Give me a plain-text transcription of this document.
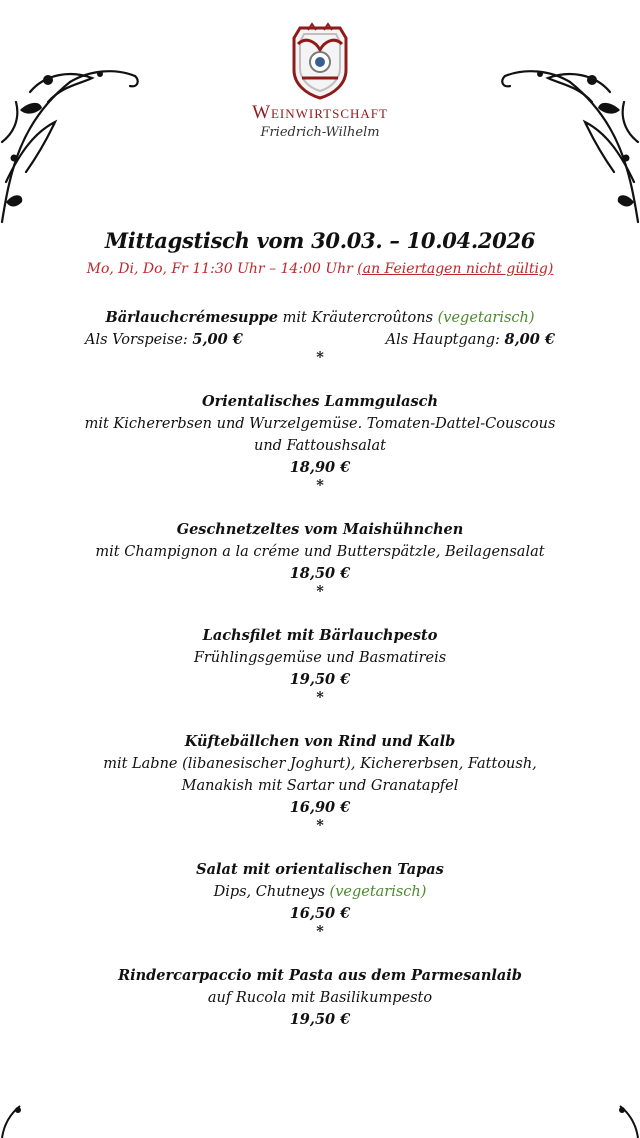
Weinwirtschaft
Friedrich-Wilhelm
Mittagstisch vom 30.03. – 10.04.2026
Mo, Di, Do, Fr 11:30 Uhr – 14:00 Uhr (an Feiertagen nicht gültig)
Bärlauchcrémesuppe mit Kräutercroûtons (vegetarisch)
Als Vorspeise: 5,00 €	Als Hauptgang: 8,00 €
*
Orientalisches Lammgulasch
mit Kichererbsen und Wurzelgemüse. Tomaten-Dattel-Couscous
und Fattoushsalat
18,90 €
*
Geschnetzeltes vom Maishühnchen
mit Champignon a la créme und Butterspätzle, Beilagensalat
18,50 €
*
Lachsfilet mit Bärlauchpesto
Frühlingsgemüse und Basmatireis
19,50 €
*
Küftebällchen von Rind und Kalb
mit Labne (libanesischer Joghurt), Kichererbsen, Fattoush,
Manakish mit Sartar und Granatapfel
16,90 €
*
Salat mit orientalischen Tapas
Dips, Chutneys (vegetarisch)
16,50 €
*
Rindercarpaccio mit Pasta aus dem Parmesanlaib
auf Rucola mit Basilikumpesto
19,50 €
